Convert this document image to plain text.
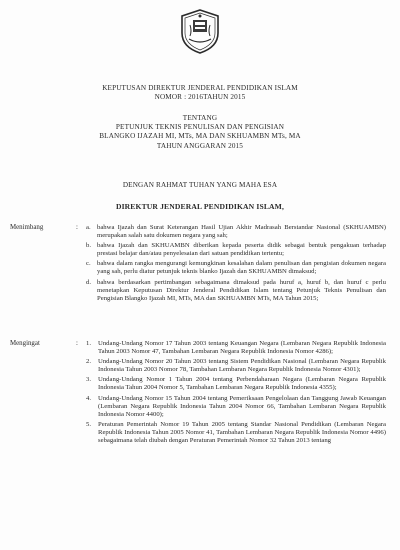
KEPUTUSAN DIREKTUR JENDERAL PENDIDIKAN ISLAM
NOMOR : 2016TAHUN 2015
TENTANG
PETUNJUK TEKNIS PENULISAN DAN PENGISIAN
BLANGKO IJAZAH MI, MTs, MA DAN SKHUAMBN MTs, MA
TAHUN ANGGARAN 2015
DENGAN RAHMAT TUHAN YANG MAHA ESA
DIREKTUR JENDERAL PENDIDIKAN ISLAM,
Menimbang	: a. bahwa Ijazah dan Surat Keterangan Hasil Ujian Akhir Madrasah Berstandar Nasional (SKHUAMBN) merupakan salah satu dokumen negara yang sah;
b. bahwa Ijazah dan SKHUAMBN diberikan kepada peserta didik sebagai bentuk pengakuan terhadap prestasi belajar dan/atau penyelesaian dari satuan pendidikan tertentu;
c. bahwa dalam rangka mengurangi kemungkinan kesalahan dalam penulisan dan pengisian dokumen negara yang sah, perlu diatur petunjuk teknis blanko Ijazah dan SKHUAMBN dimaksud;
d. bahwa berdasarkan pertimbangan sebagaimana dimaksud pada huruf a, huruf b, dan huruf c perlu menetapkan Keputusan Direktur Jenderal Pendidikan Islam tentang Petunjuk Teknis Penulisan dan Pengisian Blangko Ijazah MI, MTs, MA dan SKHUAMBN MTs, MA Tahun 2015;
Mengingat	: 1.	Undang-Undang Nomor 17 Tahun 2003 tentang Keuangan Negara (Lembaran Negara Republik Indonesia Tahun 2003 Nomor 47, Tambahan Lembaran Negara Republik Indonesia Nomor 4286);
2.	Undang-Undang Nomor 20 Tahun 2003 tentang Sistem Pendidikan Nasional (Lembaran Negara Republik Indonesia Tahun 2003 Nomor 78, Tambahan Lembaran Negara Republik Indonesia Nomor 4301);
3.	Undang-Undang Nomor 1 Tahun 2004 tentang Perbendaharaan Negara (Lembaran Negara Republik Indonesia Tahun 2004 Nomor 5, Tambahan Lembaran Negara Republik Indonesia 4355);
4.	Undang-Undang Nomor 15 Tahun 2004 tentang Pemeriksaan Pengelolaan dan Tanggung Jawab Keuangan (Lembaran Negara Republik Indonesia Tahun 2004 Nomor 66, Tambahan Lembaran Negara Republik Indonesia Nomor 4400);
5.	Peraturan Pemerintah Nomor 19 Tahun 2005 tentang Standar Nasional Pendidikan (Lembaran Negara Republik Indonesia Tahun 2005 Nomor 41, Tambahan Lembaran Negara Republik Indonesia Nomor 4496) sebagaimana telah diubah dengan Peraturan Pemerintah Nomor 32 Tahun 2013 tentang
